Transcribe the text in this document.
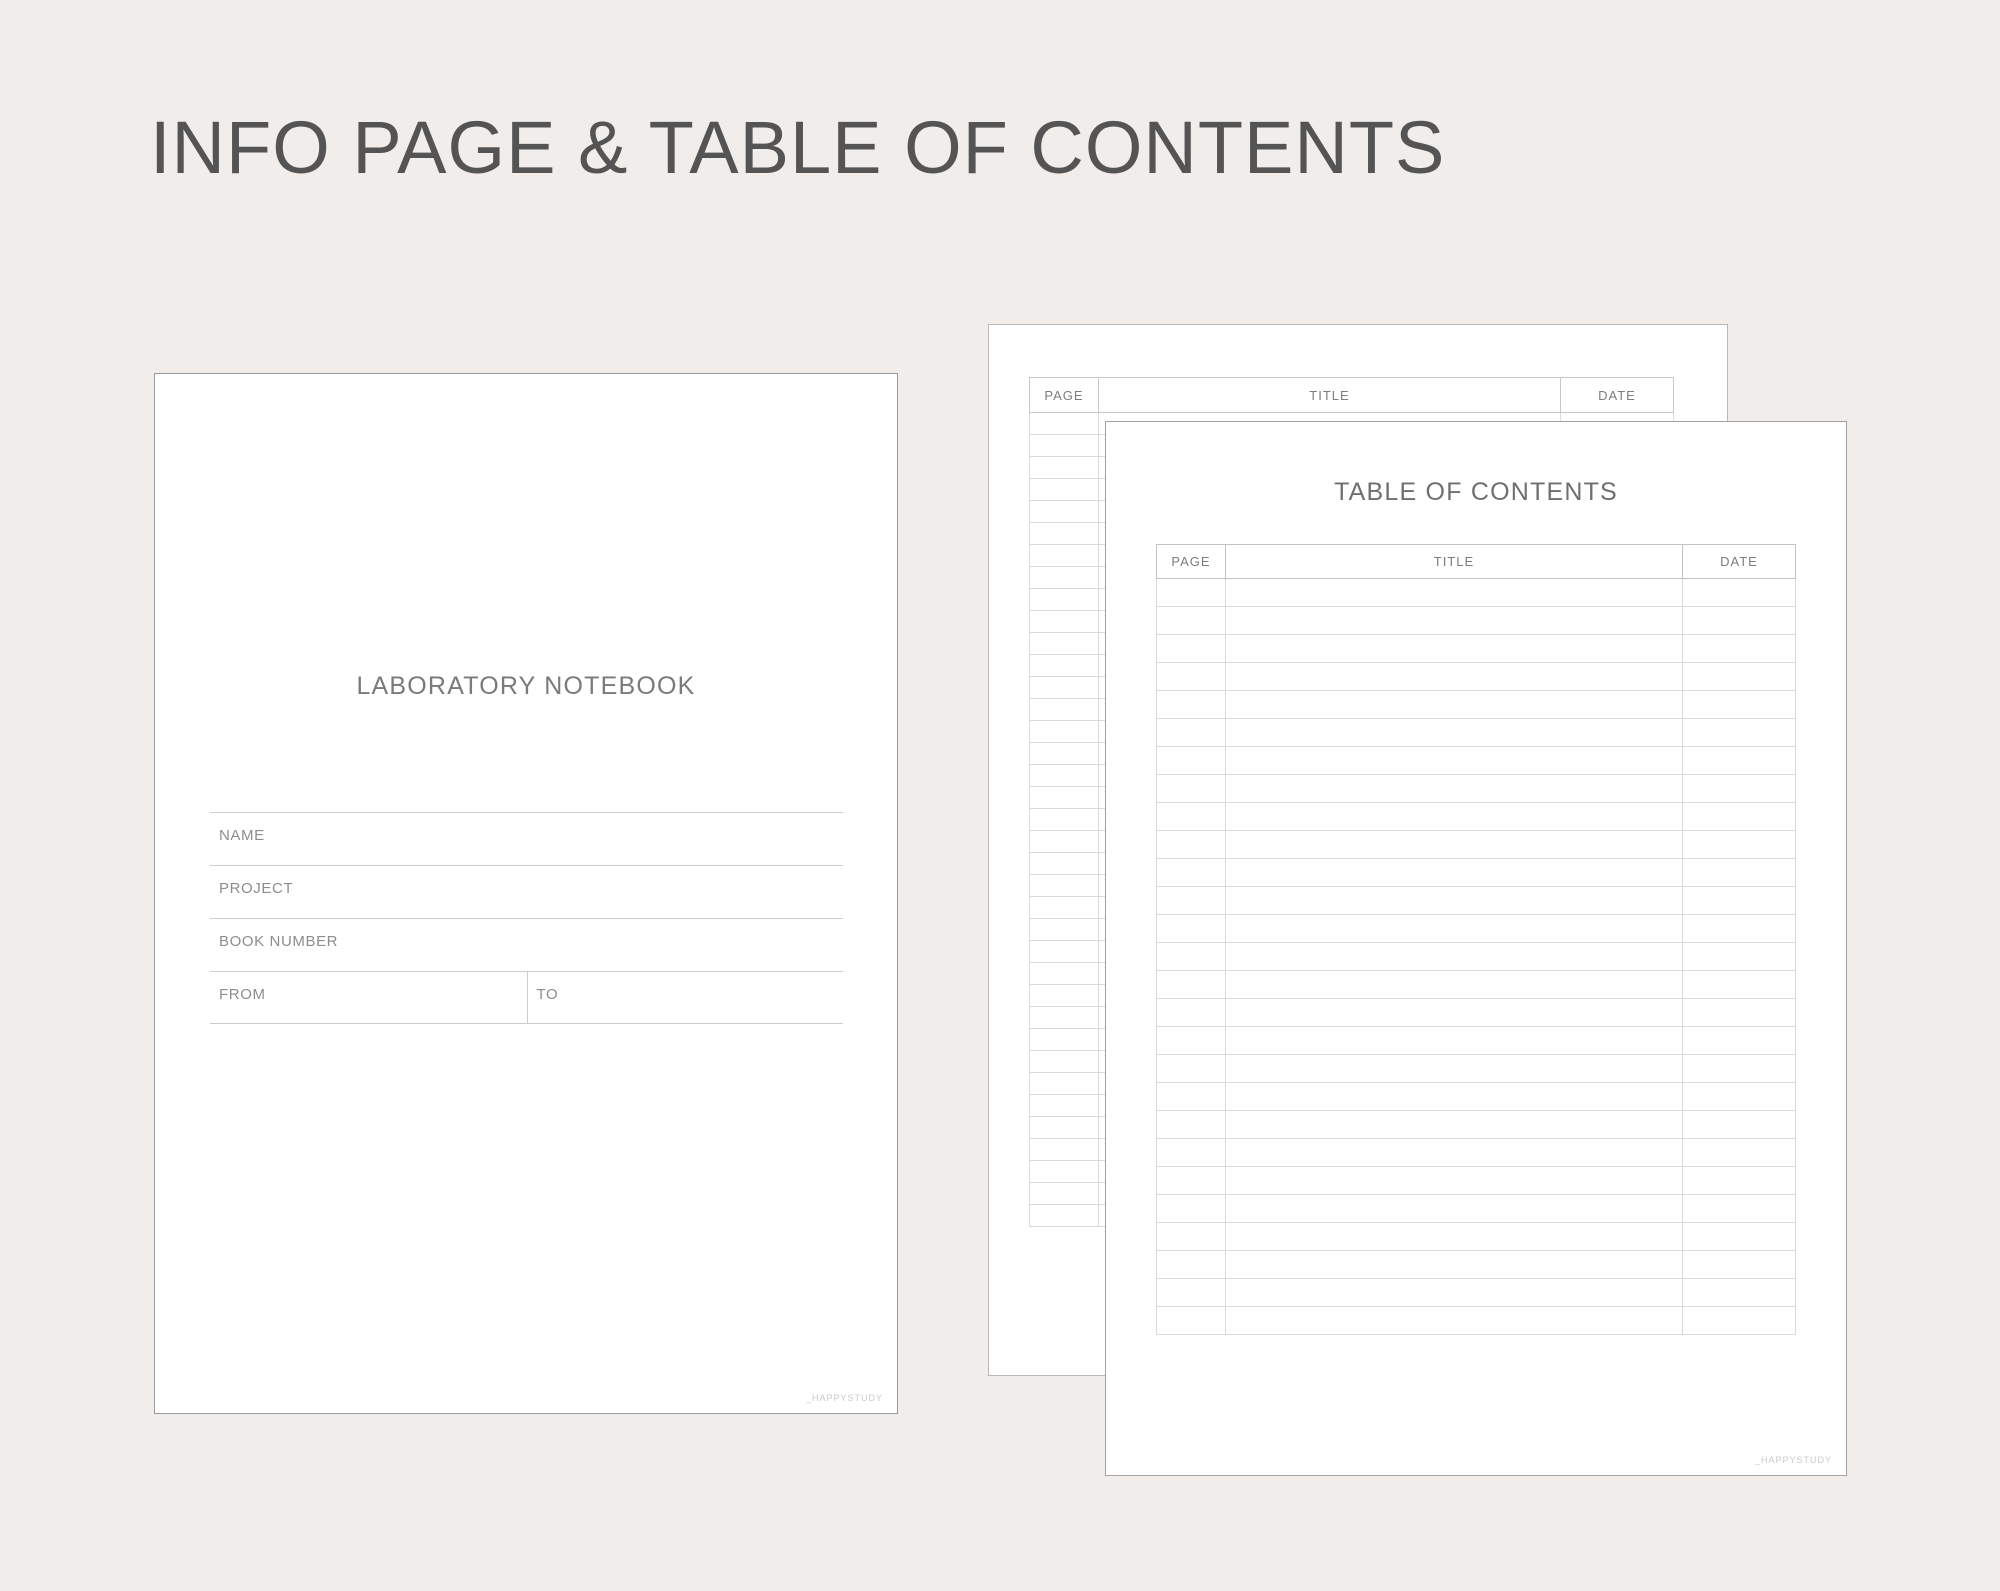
INFO PAGE & TABLE OF CONTENTS
PAGE	TITLE	DATE

LABORATORY NOTEBOOK
NAME
PROJECT
BOOK NUMBER
FROM	TO
_HAPPYSTUDY
TABLE OF CONTENTS
PAGE	TITLE	DATE

_HAPPYSTUDY
